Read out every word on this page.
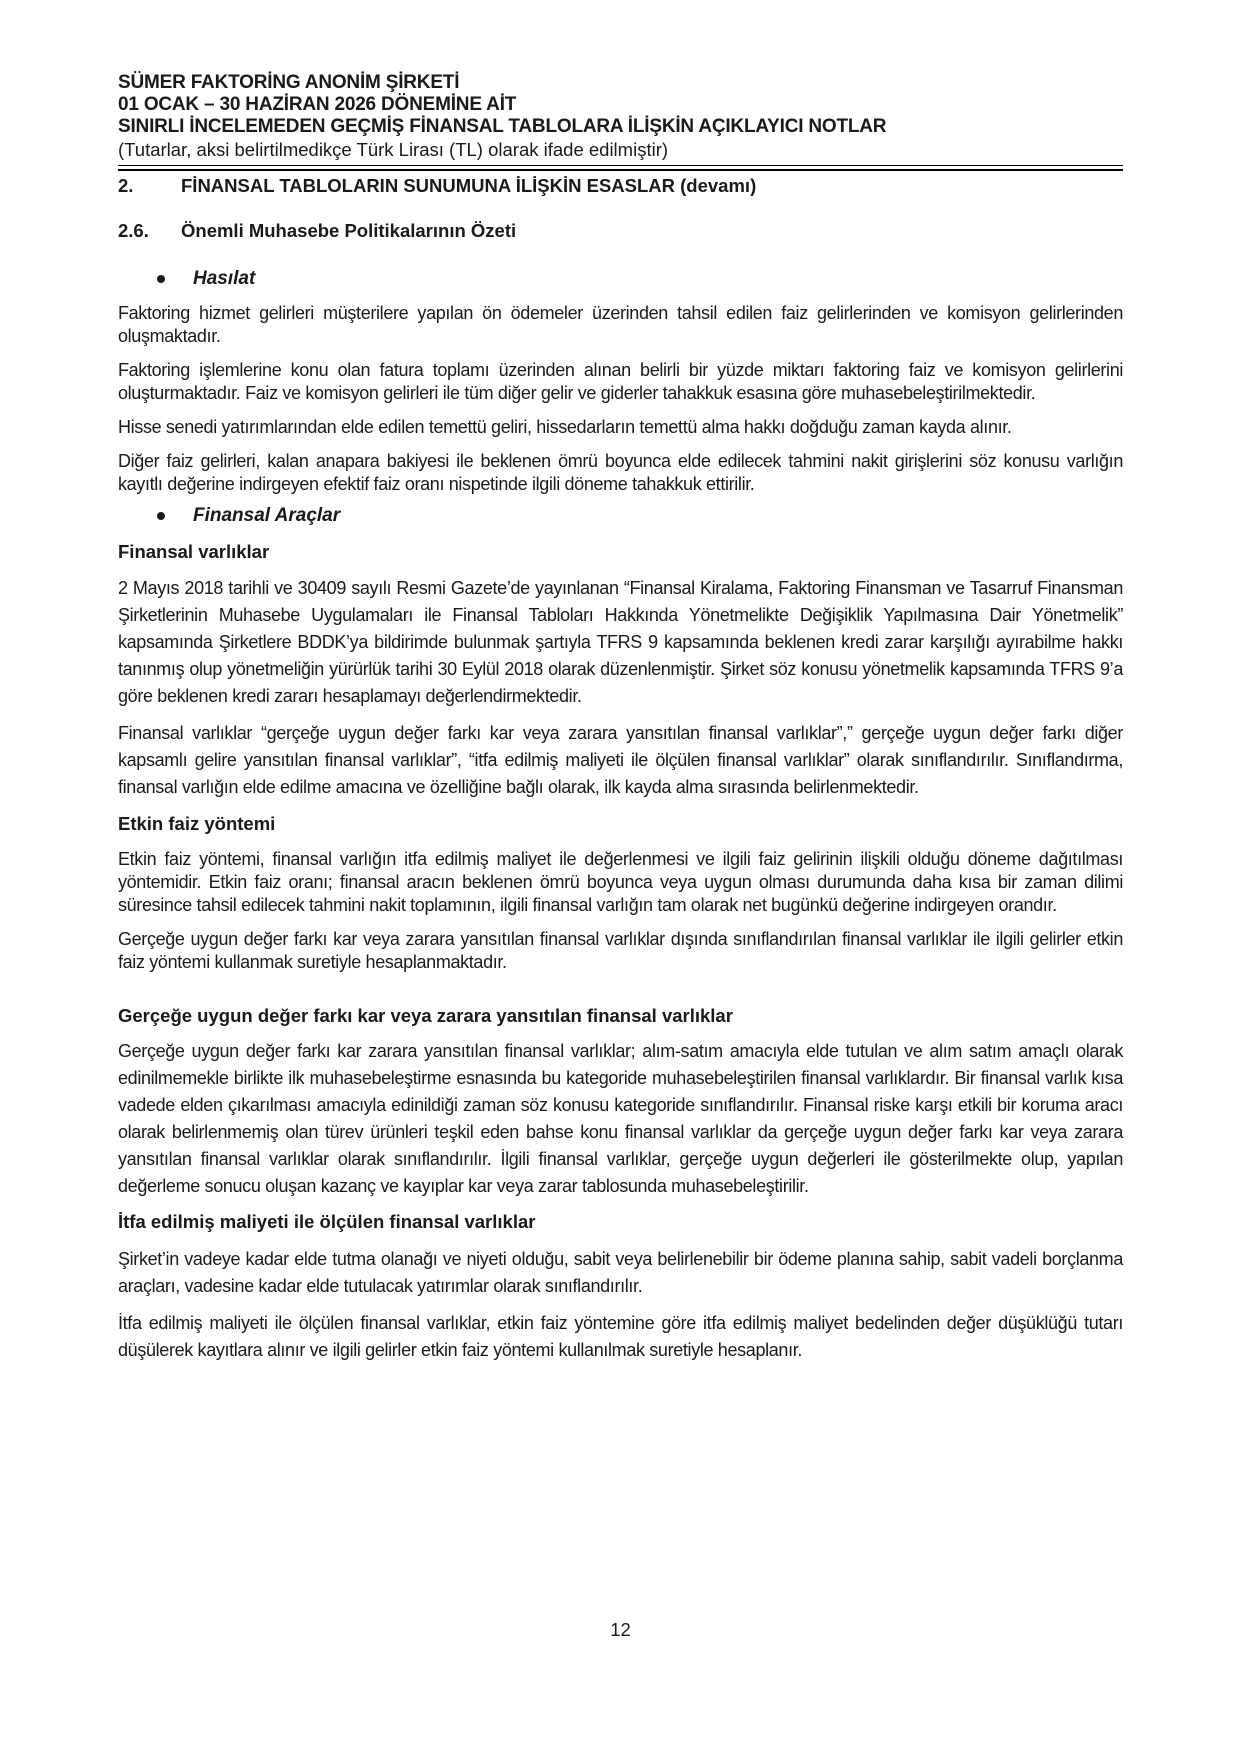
SÜMER FAKTORİNG ANONİM ŞİRKETİ
01 OCAK – 30 HAZİRAN 2026 DÖNEMİNE AİT
SINIRLI İNCELEMEDEN GEÇMİŞ FİNANSAL TABLOLARA İLİŞKİN AÇIKLAYICI NOTLAR
(Tutarlar, aksi belirtilmedikçe Türk Lirası (TL) olarak ifade edilmiştir)
2.	FİNANSAL TABLOLARIN SUNUMUNA İLİŞKİN ESASLAR (devamı)
2.6.	Önemli Muhasebe Politikalarının Özeti
Hasılat

Faktoring hizmet gelirleri müşterilere yapılan ön ödemeler üzerinden tahsil edilen faiz gelirlerinden ve komisyon gelirlerinden oluşmaktadır.

Faktoring işlemlerine konu olan fatura toplamı üzerinden alınan belirli bir yüzde miktarı faktoring faiz ve komisyon gelirlerini oluşturmaktadır. Faiz ve komisyon gelirleri ile tüm diğer gelir ve giderler tahakkuk esasına göre muhasebeleştirilmektedir.

Hisse senedi yatırımlarından elde edilen temettü geliri, hissedarların temettü alma hakkı doğduğu zaman kayda alınır.

Diğer faiz gelirleri, kalan anapara bakiyesi ile beklenen ömrü boyunca elde edilecek tahmini nakit girişlerini söz konusu varlığın kayıtlı değerine indirgeyen efektif faiz oranı nispetinde ilgili döneme tahakkuk ettirilir.

Finansal Araçlar
Finansal varlıklar

2 Mayıs 2018 tarihli ve 30409 sayılı Resmi Gazete’de yayınlanan “Finansal Kiralama, Faktoring Finansman ve Tasarruf Finansman Şirketlerinin Muhasebe Uygulamaları ile Finansal Tabloları Hakkında Yönetmelikte Değişiklik Yapılmasına Dair Yönetmelik” kapsamında Şirketlere BDDK’ya bildirimde bulunmak şartıyla TFRS 9 kapsamında beklenen kredi zarar karşılığı ayırabilme hakkı tanınmış olup yönetmeliğin yürürlük tarihi 30 Eylül 2018 olarak düzenlenmiştir. Şirket söz konusu yönetmelik kapsamında TFRS 9’a göre beklenen kredi zararı hesaplamayı değerlendirmektedir.

Finansal varlıklar “gerçeğe uygun değer farkı kar veya zarara yansıtılan finansal varlıklar”,” gerçeğe uygun değer farkı diğer kapsamlı gelire yansıtılan finansal varlıklar”, “itfa edilmiş maliyeti ile ölçülen finansal varlıklar” olarak sınıflandırılır. Sınıflandırma, finansal varlığın elde edilme amacına ve özelliğine bağlı olarak, ilk kayda alma sırasında belirlenmektedir.

Etkin faiz yöntemi

Etkin faiz yöntemi, finansal varlığın itfa edilmiş maliyet ile değerlenmesi ve ilgili faiz gelirinin ilişkili olduğu döneme dağıtılması yöntemidir. Etkin faiz oranı; finansal aracın beklenen ömrü boyunca veya uygun olması durumunda daha kısa bir zaman dilimi süresince tahsil edilecek tahmini nakit toplamının, ilgili finansal varlığın tam olarak net bugünkü değerine indirgeyen orandır.

Gerçeğe uygun değer farkı kar veya zarara yansıtılan finansal varlıklar dışında sınıflandırılan finansal varlıklar ile ilgili gelirler etkin faiz yöntemi kullanmak suretiyle hesaplanmaktadır.

Gerçeğe uygun değer farkı kar veya zarara yansıtılan finansal varlıklar

Gerçeğe uygun değer farkı kar zarara yansıtılan finansal varlıklar; alım-satım amacıyla elde tutulan ve alım satım amaçlı olarak edinilmemekle birlikte ilk muhasebeleştirme esnasında bu kategoride muhasebeleştirilen finansal varlıklardır. Bir finansal varlık kısa vadede elden çıkarılması amacıyla edinildiği zaman söz konusu kategoride sınıflandırılır. Finansal riske karşı etkili bir koruma aracı olarak belirlenmemiş olan türev ürünleri teşkil eden bahse konu finansal varlıklar da gerçeğe uygun değer farkı kar veya zarara yansıtılan finansal varlıklar olarak sınıflandırılır. İlgili finansal varlıklar, gerçeğe uygun değerleri ile gösterilmekte olup, yapılan değerleme sonucu oluşan kazanç ve kayıplar kar veya zarar tablosunda muhasebeleştirilir.

İtfa edilmiş maliyeti ile ölçülen finansal varlıklar

Şirket’in vadeye kadar elde tutma olanağı ve niyeti olduğu, sabit veya belirlenebilir bir ödeme planına sahip, sabit vadeli borçlanma araçları, vadesine kadar elde tutulacak yatırımlar olarak sınıflandırılır.

İtfa edilmiş maliyeti ile ölçülen finansal varlıklar, etkin faiz yöntemine göre itfa edilmiş maliyet bedelinden değer düşüklüğü tutarı düşülerek kayıtlara alınır ve ilgili gelirler etkin faiz yöntemi kullanılmak suretiyle hesaplanır.

12
